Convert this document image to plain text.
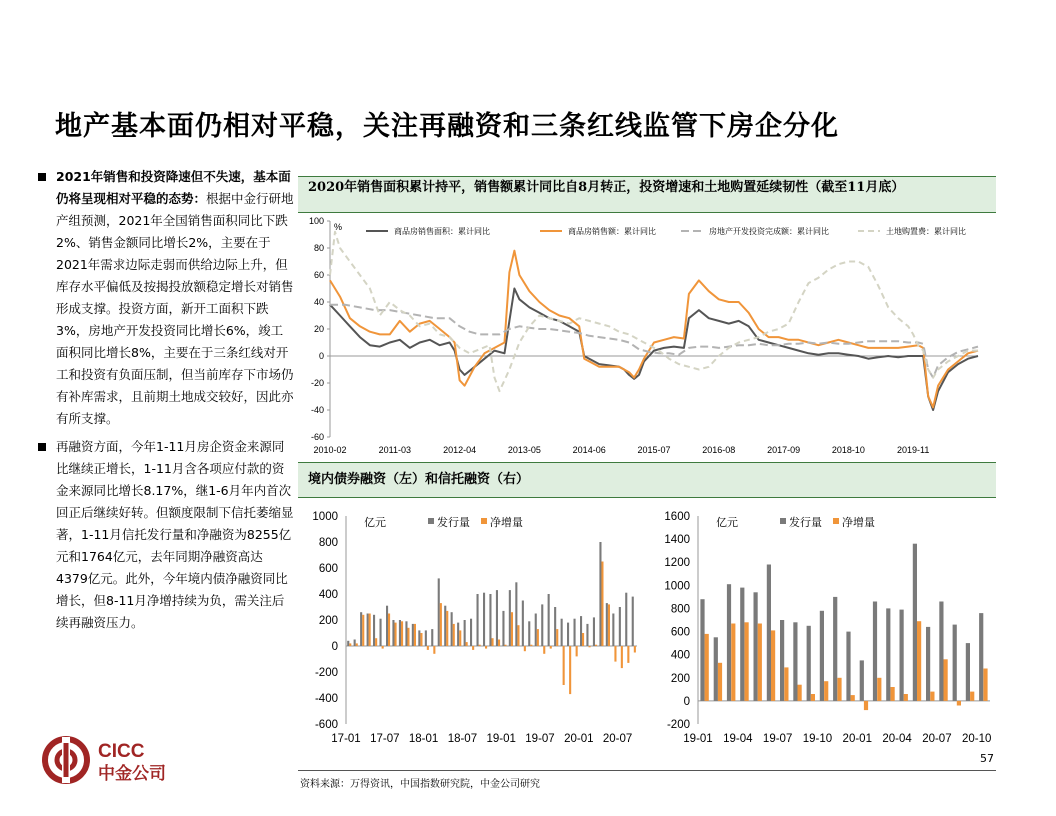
地产基本面仍相对平稳，关注再融资和三条红线监管下房企分化
2021年销售和投资降速但不失速，基本面仍将呈现相对平稳的态势：根据中金行研地产组预测，2021年全国销售面积同比下跌2%、销售金额同比增长2%，主要在于2021年需求边际走弱而供给边际上升，但库存水平偏低及按揭投放额稳定增长对销售形成支撑。投资方面，新开工面积下跌3%，房地产开发投资同比增长6%，竣工面积同比增长8%，主要在于三条红线对开工和投资有负面压制，但当前库存下市场仍有补库需求，且前期土地成交较好，因此亦有所支撑。
再融资方面，今年1-11月房企资金来源同比继续正增长，1-11月含各项应付款的资金来源同比增长8.17%，继1-6月年内首次回正后继续好转。但额度限制下信托萎缩显著，1-11月信托发行量和净融资为8255亿元和1764亿元，去年同期净融资高达4379亿元。此外，今年境内债净融资同比增长，但8-11月净增持续为负，需关注后续再融资压力。
2020年销售面积累计持平，销售额累计同比自8月转正，投资增速和土地购置延续韧性（截至11月底）
%
100
80
60
40
20
0
-20
-40
-60
2010-02	2011-03	2012-04	2013-05	2014-06	2015-07	2016-08	2017-09	2018-10	2019-11
商品房销售面积：累计同比	商品房销售额：累计同比	房地产开发投资完成额：累计同比	土地购置费：累计同比
境内债券融资（左）和信托融资（右）
亿元
1000
800
600
400
200
0
-200
-400
-600
17-01 17-07 18-01 18-07 19-01 19-07 20-01 20-07
发行量 净增量	亿元
1600
1400
1200
1000
800
600
400
200
0
-200
19-01 19-04 19-07 19-10 20-01 20-04 20-07 20-10
发行量 净增量
57
资料来源：万得资讯，中国指数研究院，中金公司研究
CICC
中金公司
